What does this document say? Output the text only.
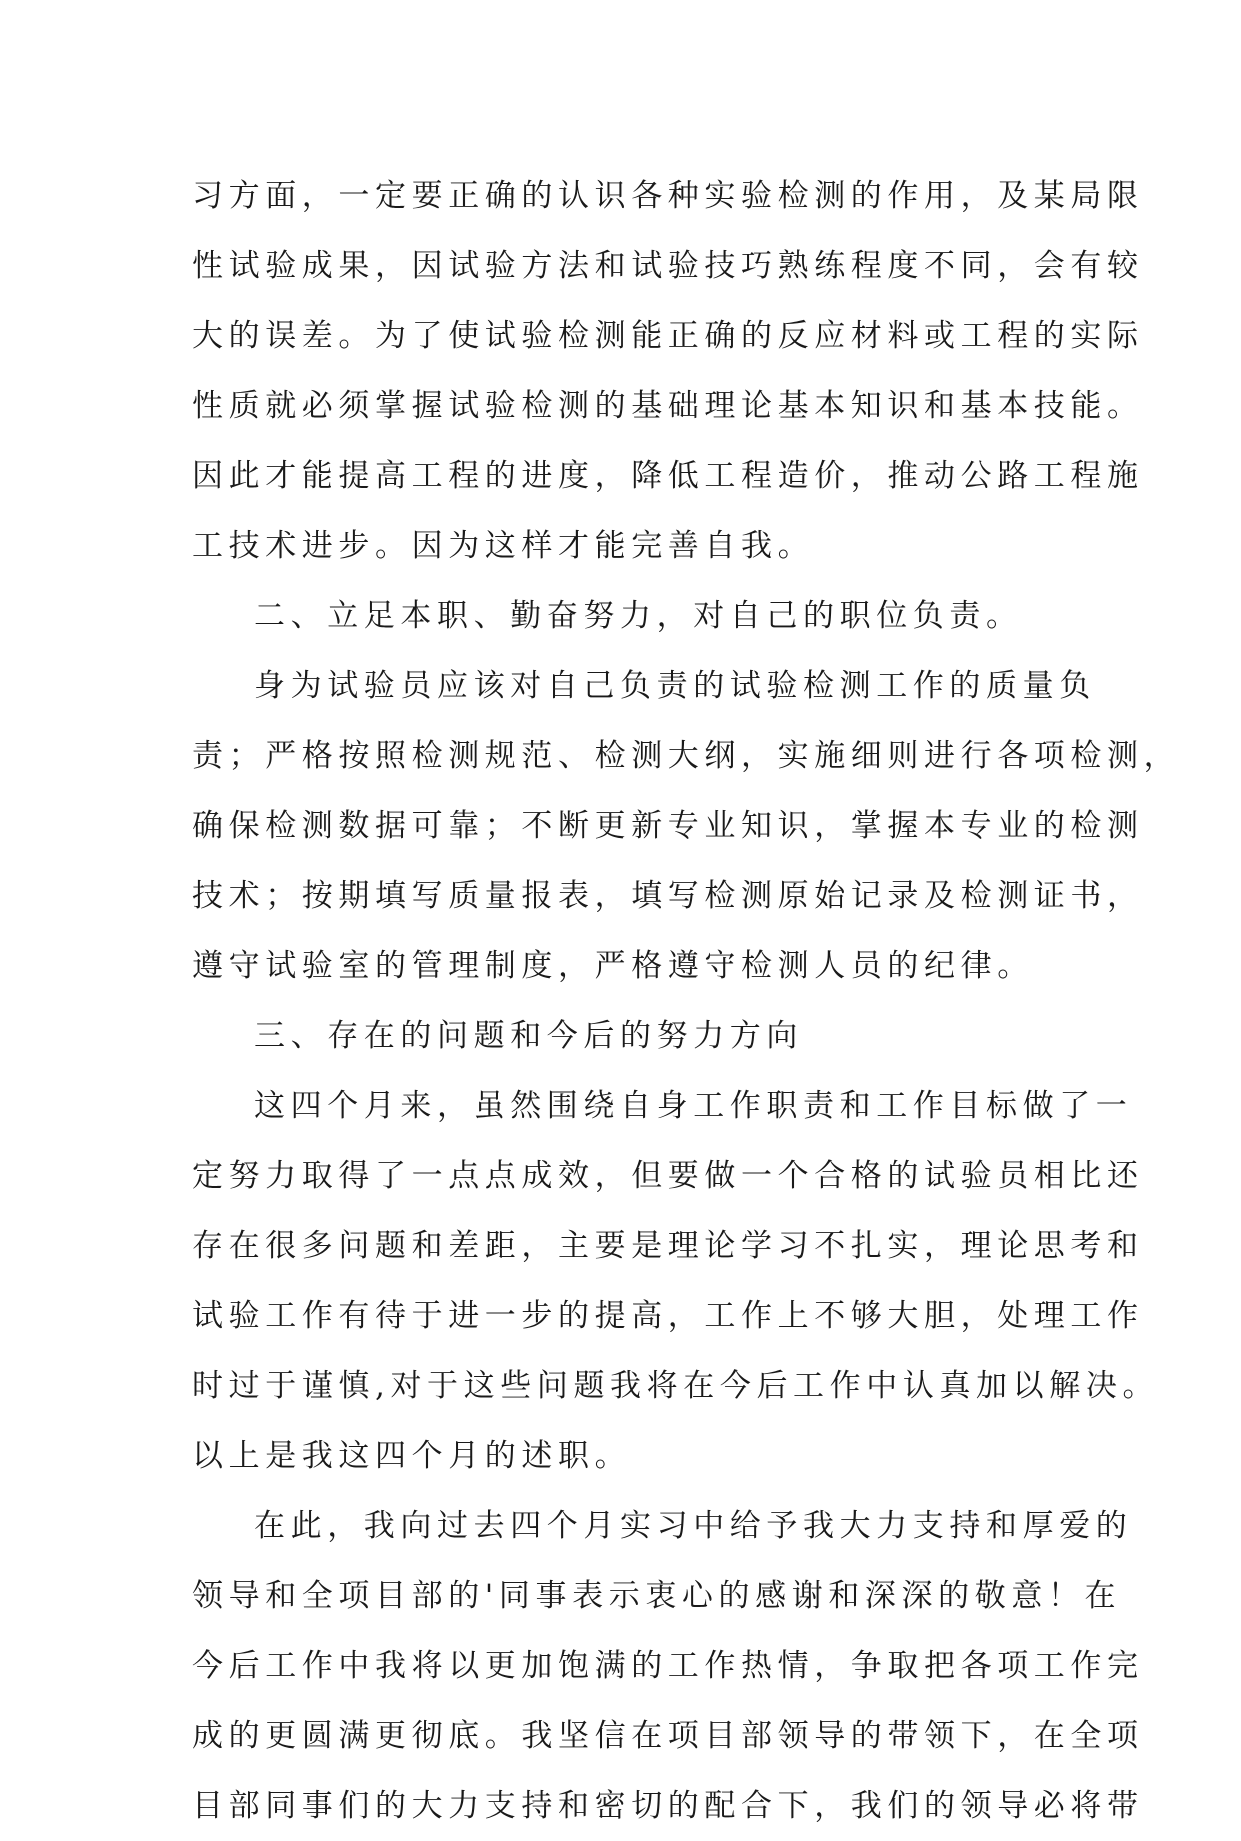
习方面，一定要正确的认识各种实验检测的作用，及某局限
性试验成果，因试验方法和试验技巧熟练程度不同，会有较
大的误差。为了使试验检测能正确的反应材料或工程的实际
性质就必须掌握试验检测的基础理论基本知识和基本技能。
因此才能提高工程的进度，降低工程造价，推动公路工程施
工技术进步。因为这样才能完善自我。
二、立足本职、勤奋努力，对自己的职位负责。
身为试验员应该对自己负责的试验检测工作的质量负
责；严格按照检测规范、检测大纲，实施细则进行各项检测，
确保检测数据可靠；不断更新专业知识，掌握本专业的检测
技术；按期填写质量报表，填写检测原始记录及检测证书，
遵守试验室的管理制度，严格遵守检测人员的纪律。
三、存在的问题和今后的努力方向
这四个月来，虽然围绕自身工作职责和工作目标做了一
定努力取得了一点点成效，但要做一个合格的试验员相比还
存在很多问题和差距，主要是理论学习不扎实，理论思考和
试验工作有待于进一步的提高，工作上不够大胆，处理工作
时过于谨慎,对于这些问题我将在今后工作中认真加以解决。
以上是我这四个月的述职。
在此，我向过去四个月实习中给予我大力支持和厚爱的
领导和全项目部的'同事表示衷心的感谢和深深的敬意！在
今后工作中我将以更加饱满的工作热情，争取把各项工作完
成的更圆满更彻底。我坚信在项目部领导的带领下，在全项
目部同事们的大力支持和密切的配合下，我们的领导必将带
